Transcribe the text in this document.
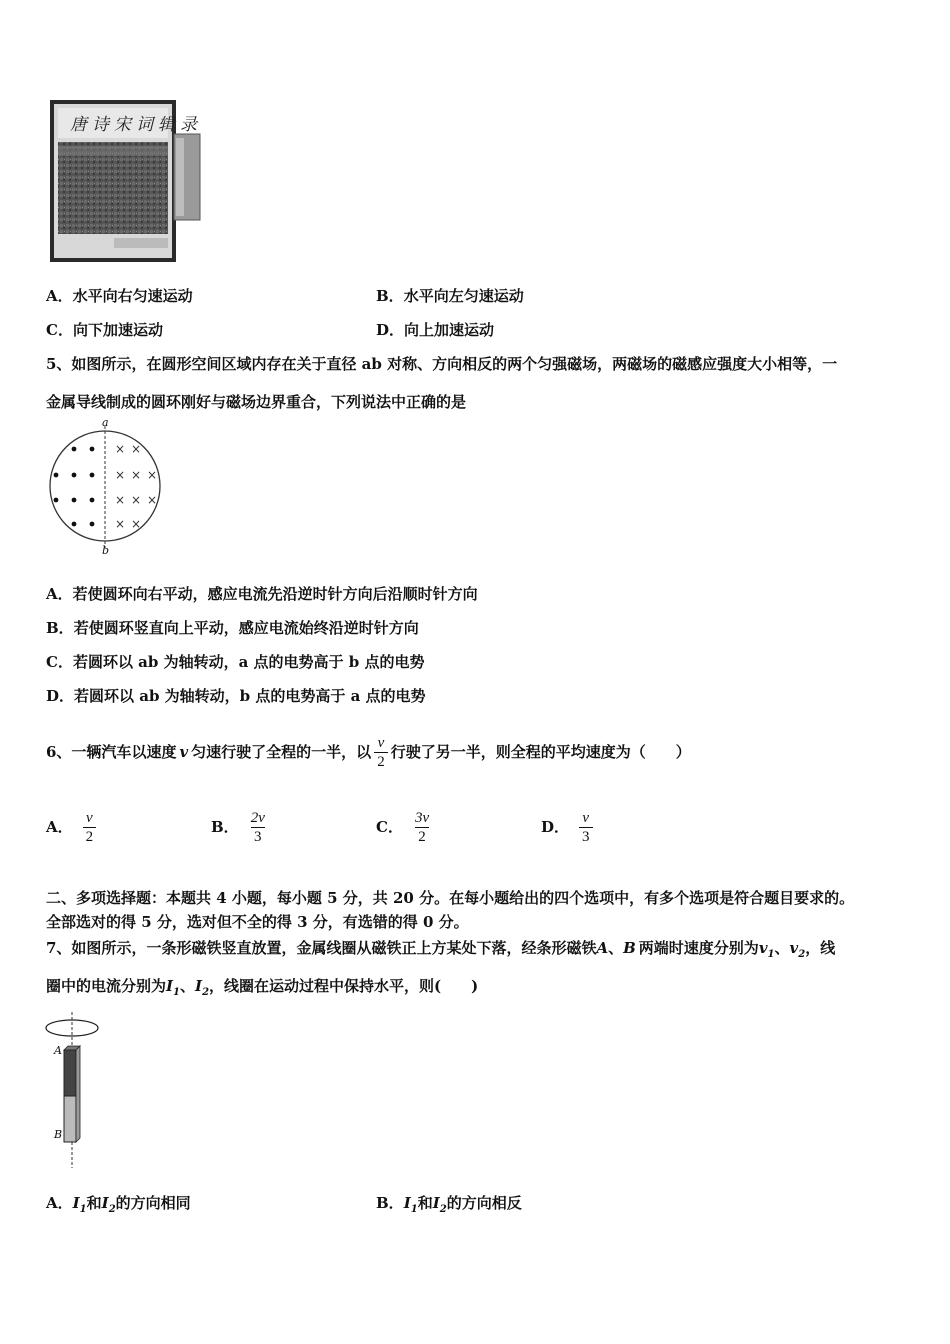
唐诗宋词辑录
A．水平向右匀速运动	B．水平向左匀速运动
C．向下加速运动	D．向上加速运动
5、如图所示，在圆形空间区域内存在关于直径 ab 对称、方向相反的两个匀强磁场，两磁场的磁感应强度大小相等，一
金属导线制成的圆环刚好与磁场边界重合，下列说法中正确的是
× ×
× × ×
× × ×
× ×
a
b
A．若使圆环向右平动，感应电流先沿逆时针方向后沿顺时针方向
B．若使圆环竖直向上平动，感应电流始终沿逆时针方向
C．若圆环以 ab 为轴转动，a 点的电势高于 b 点的电势
D．若圆环以 ab 为轴转动，b 点的电势高于 a 点的电势
6、一辆汽车以速度 v 匀速行驶了全程的一半，以 $\frac{v}{2}$ 行驶了另一半，则全程的平均速度为（　　）
A． $\frac{v}{2}$	B． $\frac{2v}{3}$	C． $\frac{3v}{2}$	D． $\frac{v}{3}$
二、多项选择题：本题共 4 小题，每小题 5 分，共 20 分。在每小题给出的四个选项中，有多个选项是符合题目要求的。
全部选对的得 5 分，选对但不全的得 3 分，有选错的得 0 分。
7、如图所示，一条形磁铁竖直放置，金属线圈从磁铁正上方某处下落，经条形磁铁A、B 两端时速度分别为$v_1$、$v_2$，线
圈中的电流分别为$I_1$、$I_2$，线圈在运动过程中保持水平，则(　　)
A
B
A．$I_1$和$I_2$的方向相同	B．$I_1$和$I_2$的方向相反
